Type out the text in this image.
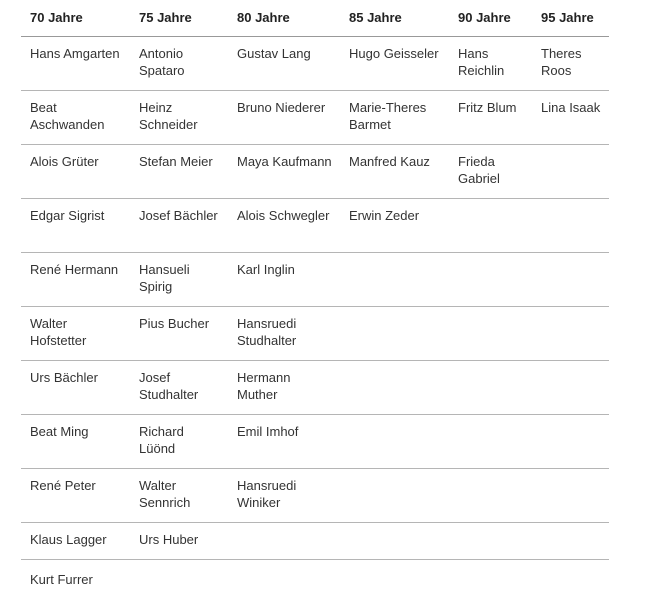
70 Jahre	75 Jahre	80 Jahre	85 Jahre	90 Jahre	95 Jahre
Hans Amgarten	Antonio Spataro	Gustav Lang	Hugo Geisseler	Hans Reichlin	Theres Roos
Beat Aschwanden	Heinz Schneider	Bruno Niederer	Marie-Theres Barmet	Fritz Blum	Lina Isaak
Alois Grüter	Stefan Meier	Maya Kaufmann	Manfred Kauz	Frieda Gabriel	
Edgar Sigrist	Josef Bächler	Alois Schwegler	Erwin Zeder		
René Hermann	Hansueli Spirig	Karl Inglin			
Walter Hofstetter	Pius Bucher	Hansruedi Studhalter			
Urs Bächler	Josef Studhalter	Hermann Muther			
Beat Ming	Richard Lüönd	Emil Imhof			
René Peter	Walter Sennrich	Hansruedi Winiker			
Klaus Lagger	Urs Huber				
Kurt Furrer					
